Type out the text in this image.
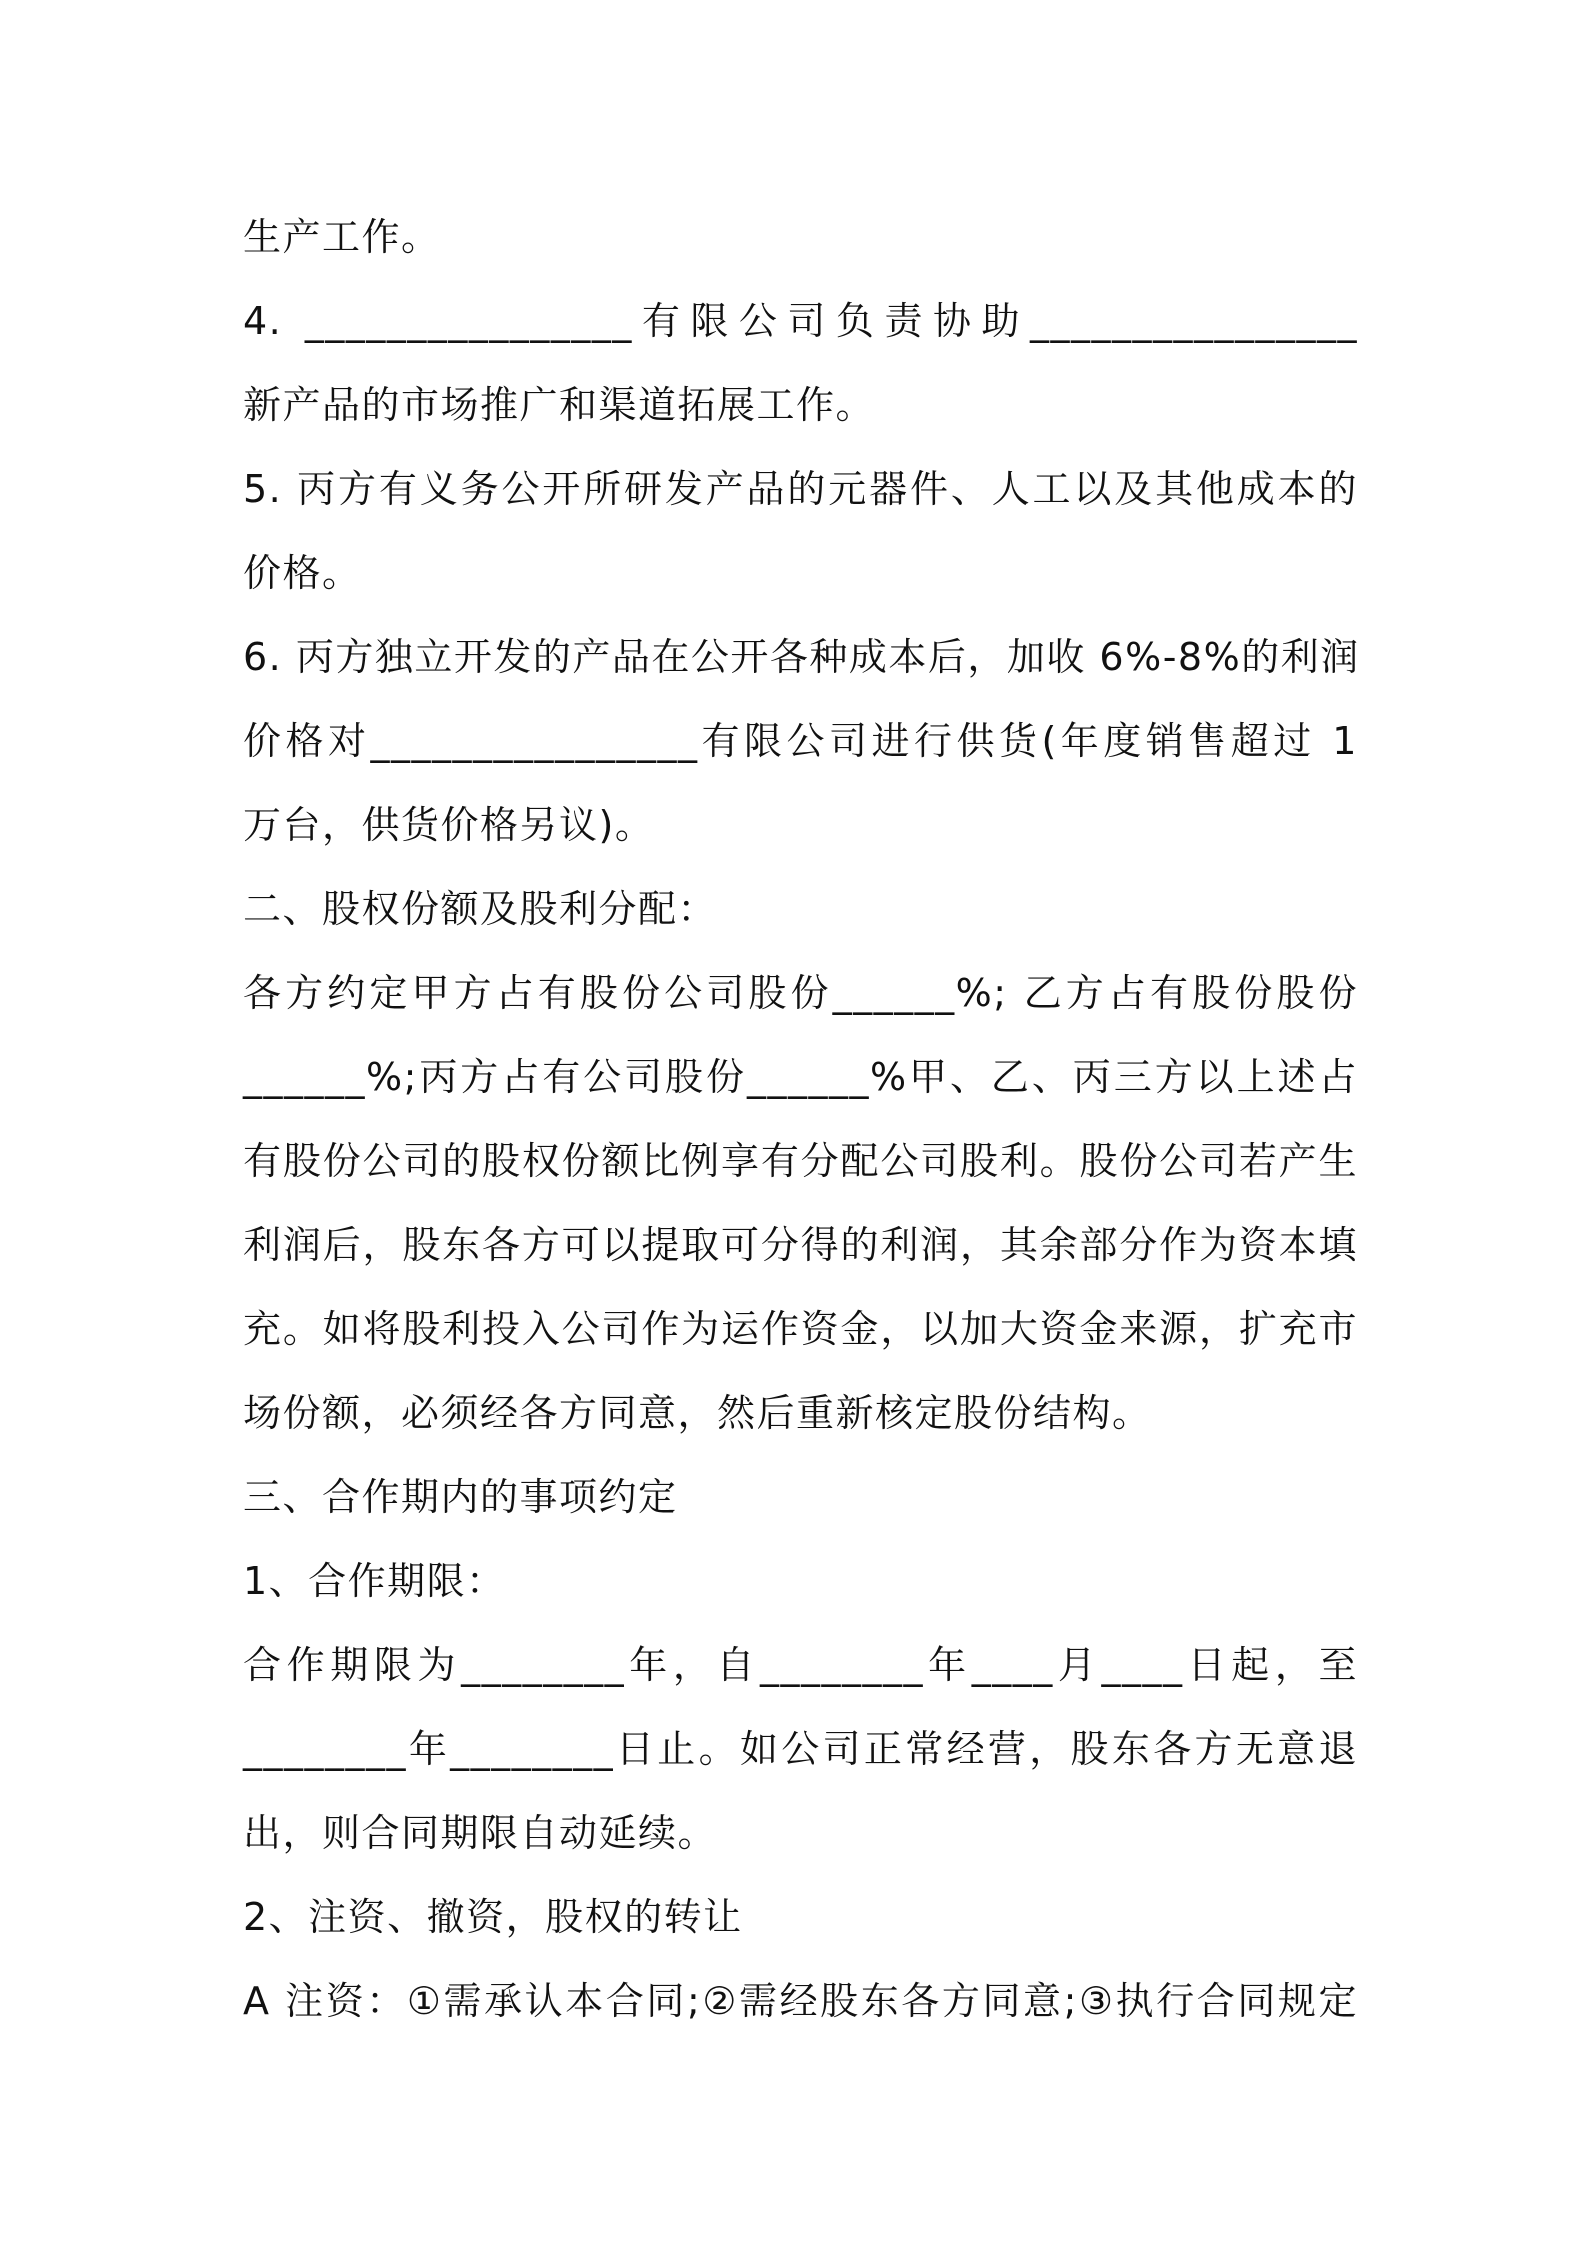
生产工作。
4. ________________有限公司负责协助________________
新产品的市场推广和渠道拓展工作。
5. 丙方有义务公开所研发产品的元器件、人工以及其他成本的
价格。
6. 丙方独立开发的产品在公开各种成本后，加收 6%-8%的利润
价格对________________有限公司进行供货(年度销售超过 1
万台，供货价格另议)。
二、股权份额及股利分配：
各方约定甲方占有股份公司股份______%; 乙方占有股份股份
______%;丙方占有公司股份______%甲、乙、丙三方以上述占
有股份公司的股权份额比例享有分配公司股利。股份公司若产生
利润后，股东各方可以提取可分得的利润，其余部分作为资本填
充。如将股利投入公司作为运作资金，以加大资金来源，扩充市
场份额，必须经各方同意，然后重新核定股份结构。
三、合作期内的事项约定
1、合作期限：
合作期限为________年，自________年____月____日起，至
________年________日止。如公司正常经营，股东各方无意退
出，则合同期限自动延续。
2、注资、撤资，股权的转让
A 注资：①需承认本合同;②需经股东各方同意;③执行合同规定
